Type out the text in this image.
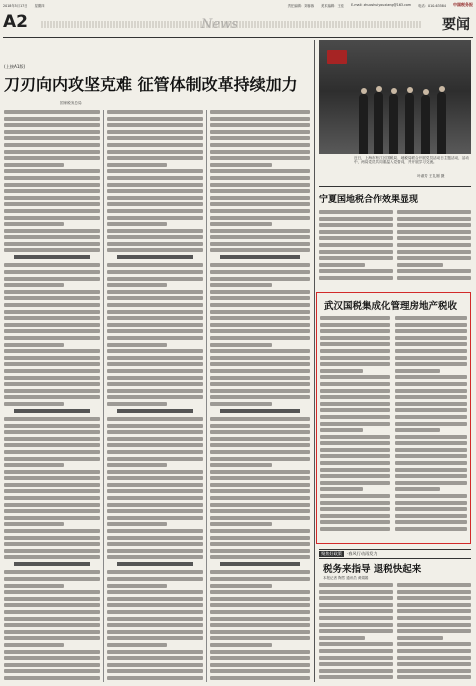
2018年5月17日 星期四	责任编辑：刘蓉蓉 美术编辑：王佳 E-mail: zhuoshuiyouxiang@163.com 电话：010-63584 中国税务报
A2	News	要闻
(上接A1版)
刀刃向内攻坚克难 征管体制改革持续加力
国家税务总局
近日，上海市松江区国税局、地税局联合开展党员活动日主题活动，活动中，两局党员共同重温入党誓词，并开展学习交流。
叶淑芳 王礼刚 摄
宁夏国地税合作效果显现
武汉国税集成化管理房地产税收
聚焦好政策	·春风行动再发力
税务来指导 退税快起来
本报记者 陶然 通讯员 黄娟娟
